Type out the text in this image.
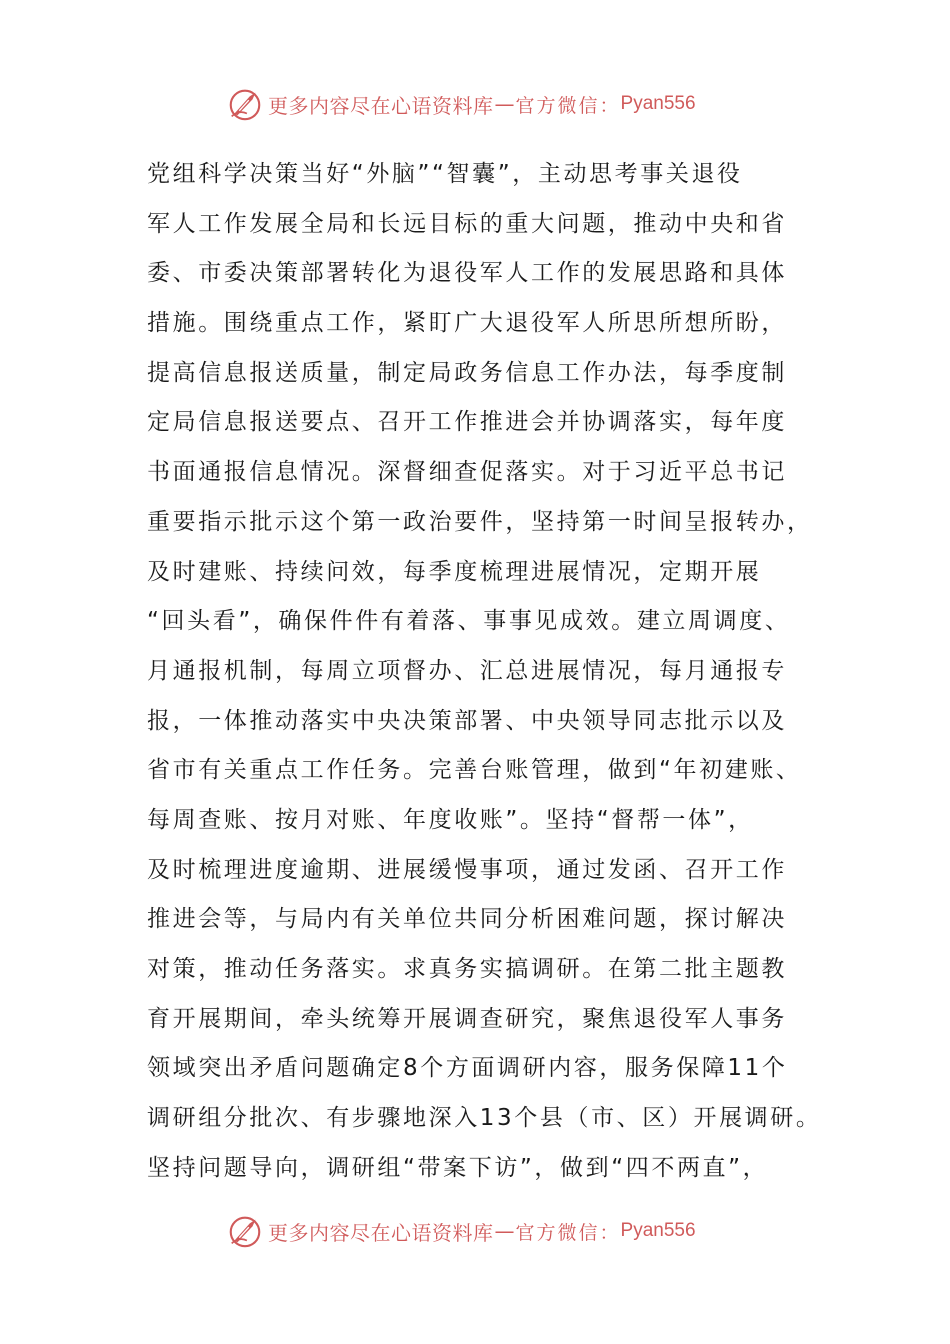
更多内容尽在心语资料库 — 官方微信： Pyan556
党组科学决策当好“外脑”“智囊”，主动思考事关退役
军人工作发展全局和长远目标的重大问题，推动中央和省
委、市委决策部署转化为退役军人工作的发展思路和具体
措施。围绕重点工作，紧盯广大退役军人所思所想所盼，
提高信息报送质量，制定局政务信息工作办法，每季度制
定局信息报送要点、召开工作推进会并协调落实，每年度
书面通报信息情况。深督细查促落实。对于习近平总书记
重要指示批示这个第一政治要件，坚持第一时间呈报转办，
及时建账、持续问效，每季度梳理进展情况，定期开展
“回头看”，确保件件有着落、事事见成效。建立周调度、
月通报机制，每周立项督办、汇总进展情况，每月通报专
报，一体推动落实中央决策部署、中央领导同志批示以及
省市有关重点工作任务。完善台账管理，做到“年初建账、
每周查账、按月对账、年度收账”。坚持“督帮一体”，
及时梳理进度逾期、进展缓慢事项，通过发函、召开工作
推进会等，与局内有关单位共同分析困难问题，探讨解决
对策，推动任务落实。求真务实搞调研。在第二批主题教
育开展期间，牵头统筹开展调查研究，聚焦退役军人事务
领域突出矛盾问题确定8个方面调研内容，服务保障11个
调研组分批次、有步骤地深入13个县（市、区）开展调研。
坚持问题导向，调研组“带案下访”，做到“四不两直”，
更多内容尽在心语资料库 — 官方微信： Pyan556
